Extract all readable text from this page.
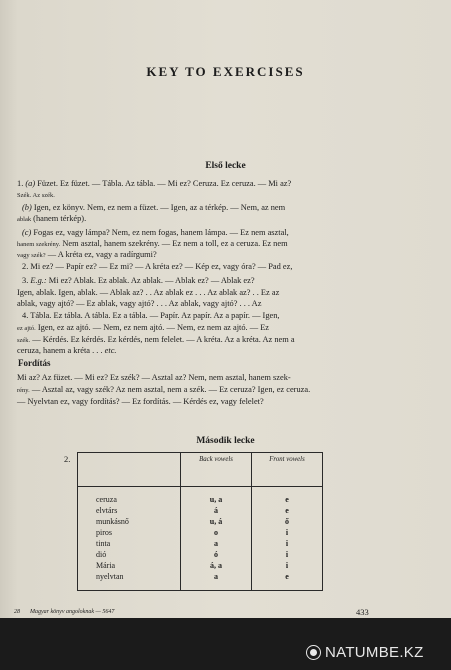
KEY TO EXERCISES
Első lecke
1. (a) Füzet. Ez füzet. — Tábla. Az tábla. — Mi ez? Ceruza. Ez ceruza. — Mi az?
Szék. Az szék.
(b) Igen, ez könyv. Nem, ez nem a füzet. — Igen, az a térkép. — Nem, az nem
ablak (hanem térkép).
(c) Fogas ez, vagy lámpa? Nem, ez nem fogas, hanem lámpa. — Ez nem asztal,
hanem szekrény. Nem asztal, hanem szekrény. — Ez nem a toll, ez a ceruza. Ez nem
vagy szék? — A kréta ez, vagy a radírgumi?
2. Mi ez? — Papír ez? — Ez mi? — A kréta ez? — Kép ez, vagy óra? — Pad ez,
3. E.g.: Mi ez? Ablak. Ez ablak. Az ablak. — Ablak ez? — Ablak ez?
Igen, ablak. Igen, ablak. — Ablak az? . . Az ablak ez . . . Az ablak az? . . Ez az
ablak, vagy ajtó? — Ez ablak, vagy ajtó? . . . Az ablak, vagy ajtó? . . . Az
4. Tábla. Ez tábla. A tábla. Ez a tábla. — Papír. Az papír. Az a papír. — Igen,
ez ajtó. Igen, ez az ajtó. — Nem, ez nem ajtó. — Nem, ez nem az ajtó. — Ez
szék. — Kérdés. Ez kérdés. Ez kérdés, nem felelet. — A kréta. Az a kréta. Az nem a
ceruza, hanem a kréta . . . etc.
Fordítás
Mi az? Az füzet. — Mi ez? Ez szék? — Asztal az? Nem, nem asztal, hanem szek-
rény. — Asztal az, vagy szék? Az nem asztal, nem a szék. — Ez ceruza? Igen, ez ceruza.
— Nyelvtan ez, vagy fordítás? — Ez fordítás. — Kérdés ez, vagy felelet?
Második lecke
2.
		Back vowels	Front vowels
ceruza	u, a	e
elvtárs	á	e
munkásnő	u, á	ő
piros	o	i
tinta	a	i
dió	ó	i
Mária	á, a	i
nyelvtan	a	e
28 Magyar könyv angoloknak — 5647	433
NATUMBE.KZ
